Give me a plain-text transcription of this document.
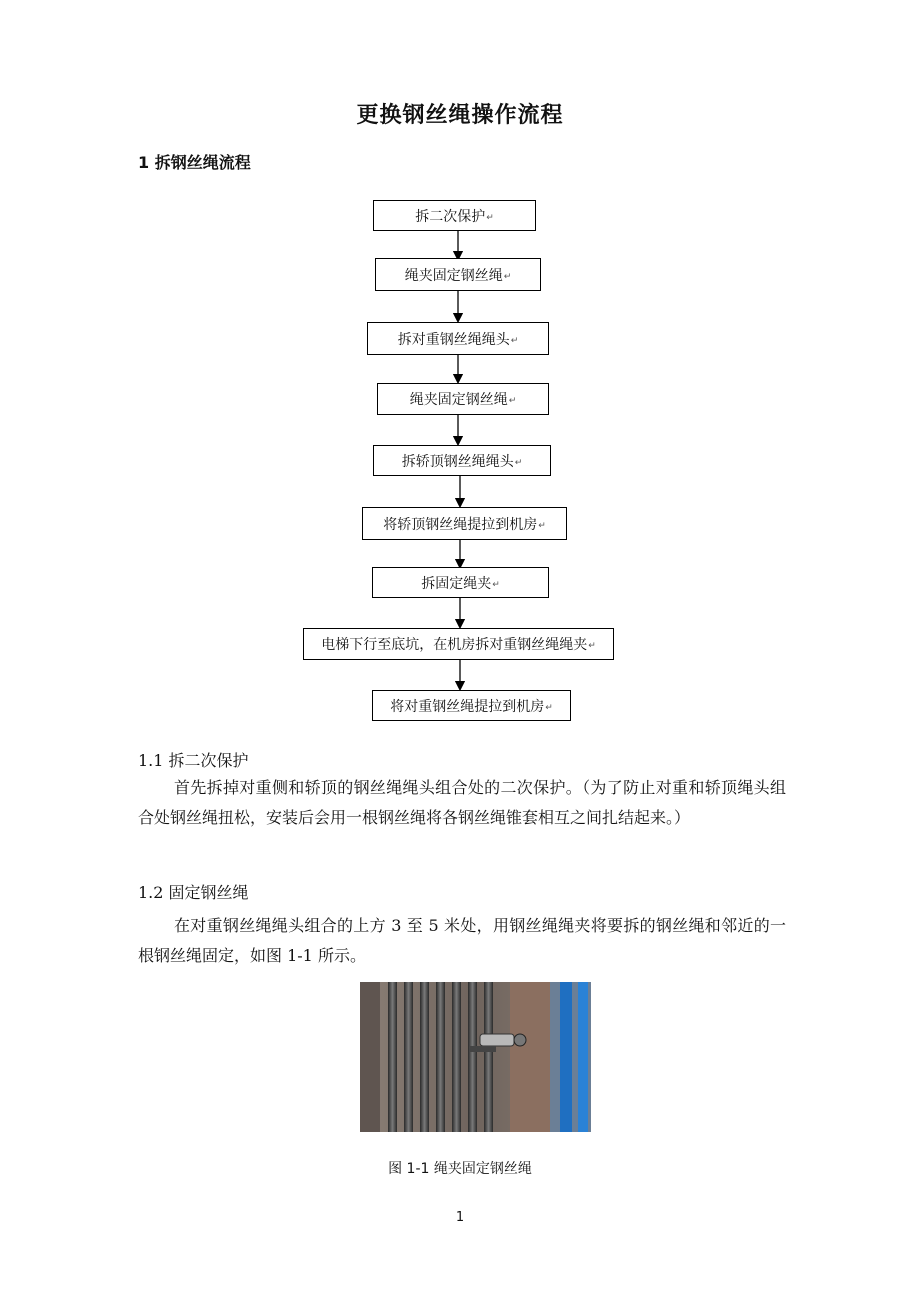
更换钢丝绳操作流程
1 拆钢丝绳流程
拆二次保护 ↵
绳夹固定钢丝绳 ↵
拆对重钢丝绳绳头 ↵
绳夹固定钢丝绳 ↵
拆轿顶钢丝绳绳头 ↵
将轿顶钢丝绳提拉到机房 ↵
拆固定绳夹 ↵
电梯下行至底坑，在机房拆对重钢丝绳绳夹 ↵
将对重钢丝绳提拉到机房 ↵
1.1 拆二次保护
首先拆掉对重侧和轿顶的钢丝绳绳头组合处的二次保护。（为了防止对重和轿顶绳头组合处钢丝绳扭松，安装后会用一根钢丝绳将各钢丝绳锥套相互之间扎结起来。）
1.2 固定钢丝绳
在对重钢丝绳绳头组合的上方 3 至 5 米处，用钢丝绳绳夹将要拆的钢丝绳和邻近的一根钢丝绳固定，如图 1-1 所示。
图 1-1 绳夹固定钢丝绳
1
